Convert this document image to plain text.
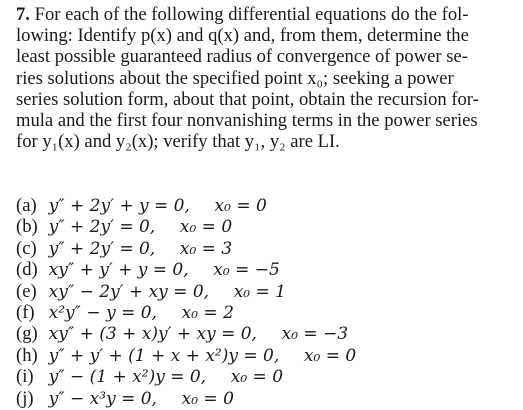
7. For each of the following differential equations do the fol-
lowing: Identify p(x) and q(x) and, from them, determine the
least possible guaranteed radius of convergence of power se-
ries solutions about the specified point x₀; seeking a power
series solution form, about that point, obtain the recursion for-
mula and the first four nonvanishing terms in the power series
for y₁(x) and y₂(x); verify that y₁, y₂ are LI.
(a) y″ + 2y′ + y = 0, x₀ = 0
(b) y″ + 2y′ = 0, x₀ = 0
(c) y″ + 2y′ = 0, x₀ = 3
(d) xy″ + y′ + y = 0, x₀ = −5
(e) xy″ − 2y′ + xy = 0, x₀ = 1
(f) x²y″ − y = 0, x₀ = 2
(g) xy″ + (3 + x)y′ + xy = 0, x₀ = −3
(h) y″ + y′ + (1 + x + x²)y = 0, x₀ = 0
(i) y″ − (1 + x²)y = 0, x₀ = 0
(j) y″ − x³y = 0, x₀ = 0
